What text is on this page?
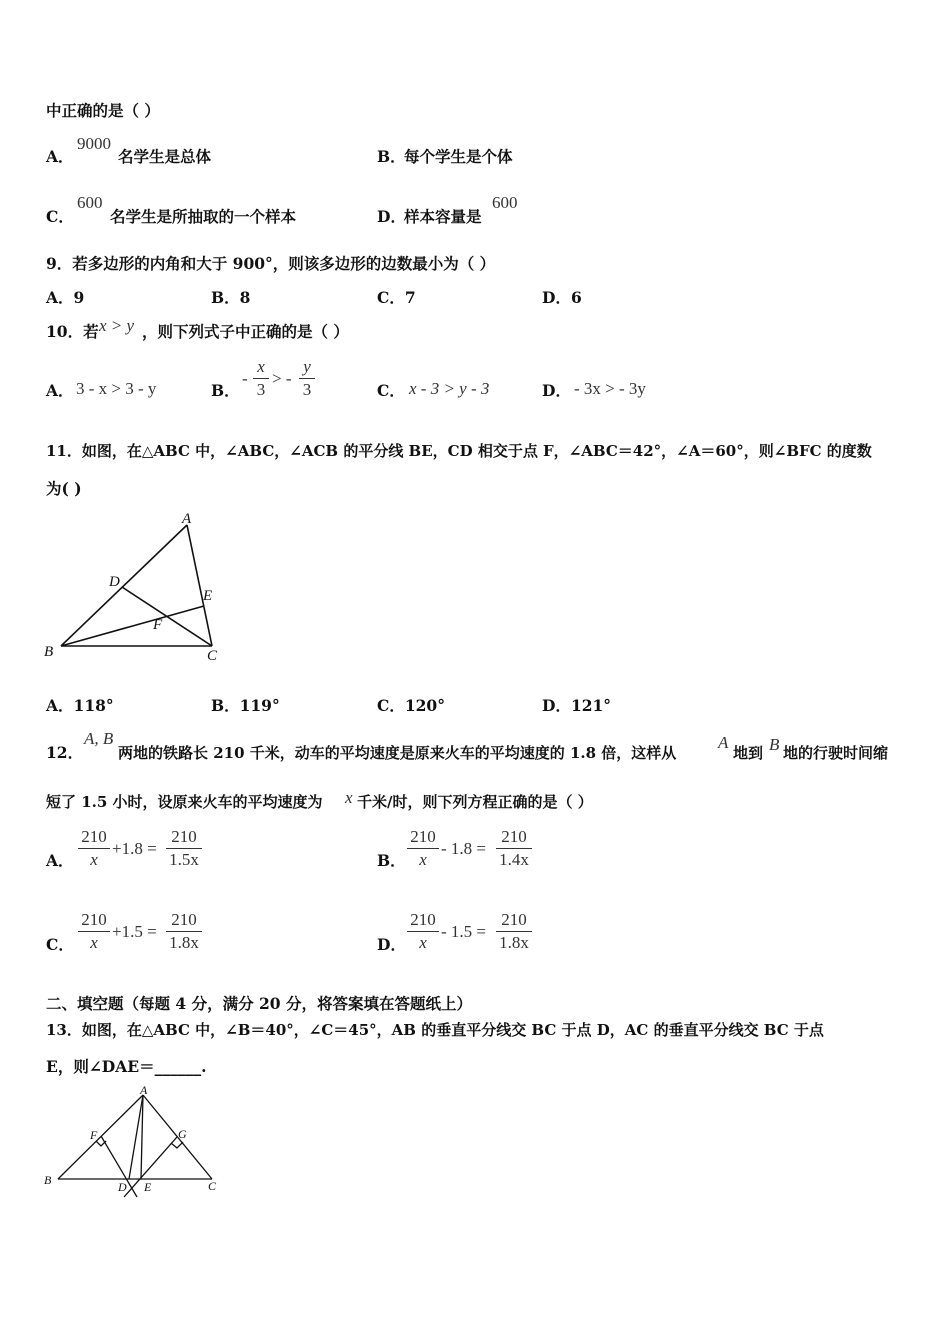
中正确的是（ ）
A．
9000
名学生是总体	B．
每个学生是个体
C．
600
名学生是所抽取的一个样本	D．
样本容量是
600
9．若多边形的内角和大于 900°，则该多边形的边数最小为（ ）
A．9	B．8	C．7	D．6
10．若 x > y ，则下列式子中正确的是（ ）
A． 3 - x > 3 - y	B．
-
x
3
> -
y
3	C． x - 3 > y - 3	D． - 3x > - 3y
11．如图，在△ABC 中，∠ABC，∠ACB 的平分线 BE，CD 相交于点 F，∠ABC＝42°，∠A＝60°，则∠BFC 的度数
为( )
A
B	C
D
E
F
A．118°	B．119°	C．120°	D．121°
12．
A, B
两地的铁路长 210 千米，动车的平均速度是原来火车的平均速度的 1.8 倍，这样从
A
地到 B 地的行驶时间缩
短了 1.5 小时，设原来火车的平均速度为 x 千米/时，则下列方程正确的是（ ）
A．
210
x
+1.8 =
210
1.5x	B．
210
x
- 1.8 =
210
1.4x
C．
210
x
+1.5 =
210
1.8x	D．
210
x
- 1.5 =
210
1.8x
二、填空题（每题 4 分，满分 20 分，将答案填在答题纸上）
13．如图，在△ABC 中，∠B＝40°，∠C＝45°，AB 的垂直平分线交 BC 于点 D，AC 的垂直平分线交 BC 于点
E，则∠DAE＝______.
A
B	C
D E
F	G
